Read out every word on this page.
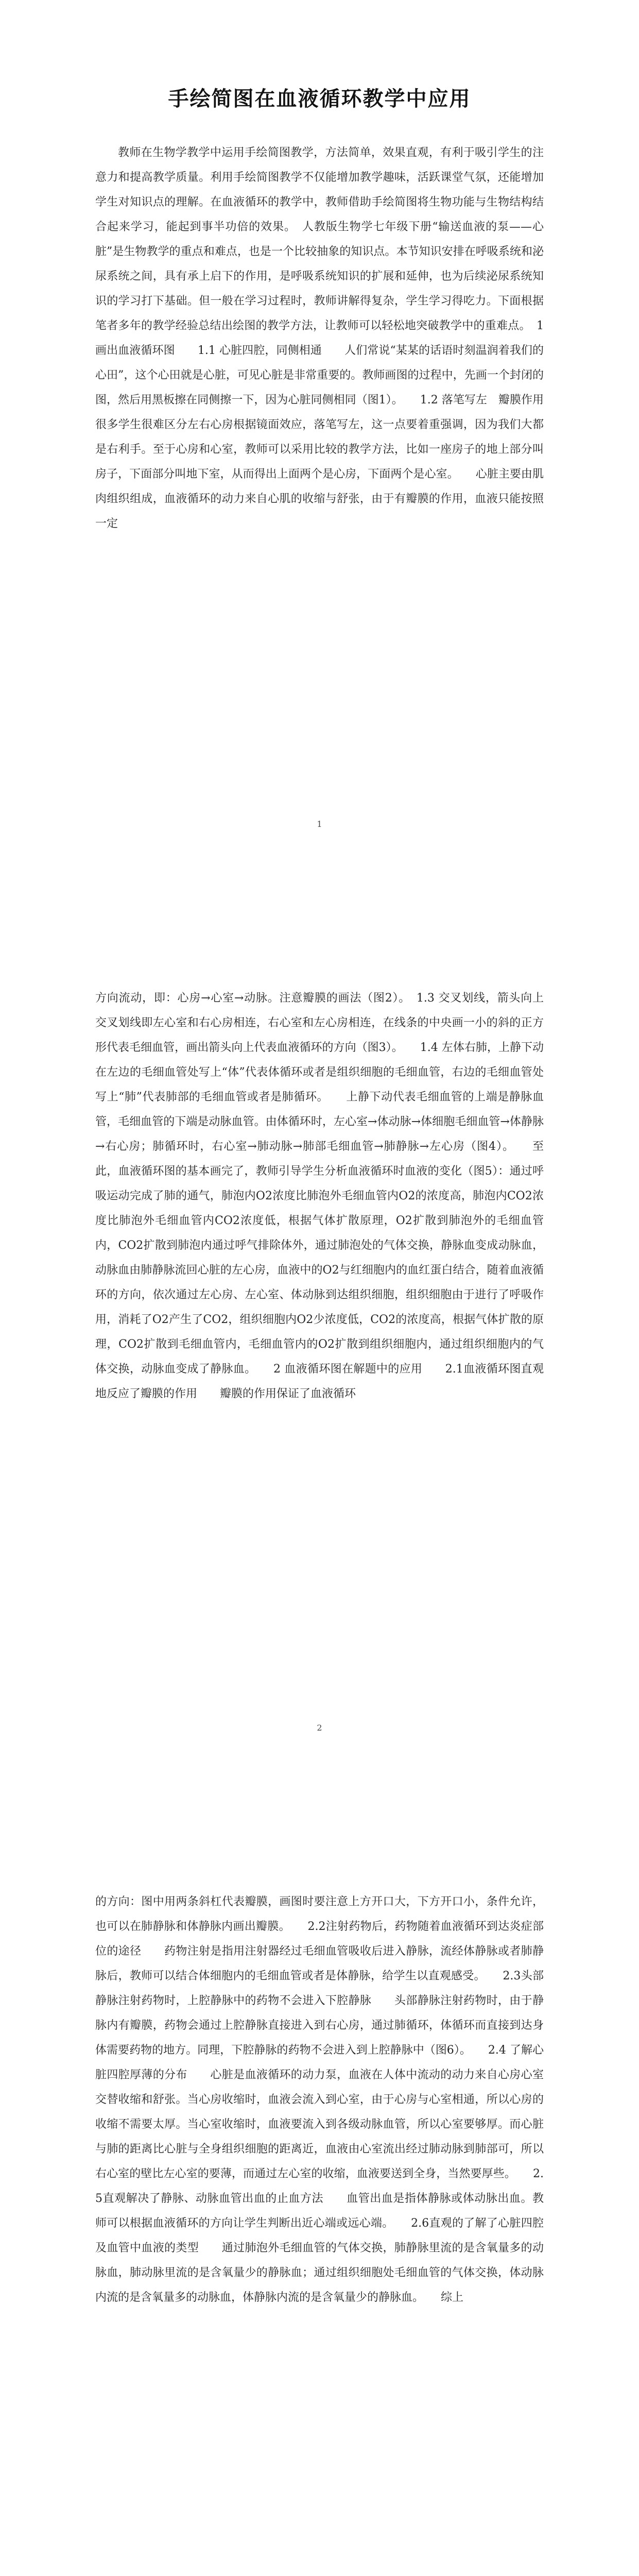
手绘简图在血液循环教学中应用

教师在生物学教学中运用手绘简图教学，方法简单，效果直观，有利于吸引学生的注意力和提高教学质量。利用手绘简图教学不仅能增加教学趣味，活跃课堂气氛，还能增加学生对知识点的理解。在血液循环的教学中，教师借助手绘简图将生物功能与生物结构结合起来学习，能起到事半功倍的效果。　人教版生物学七年级下册“输送血液的泵——心脏”是生物教学的重点和难点，也是一个比较抽象的知识点。本节知识安排在呼吸系统和泌尿系统之间，具有承上启下的作用，是呼吸系统知识的扩展和延伸，也为后续泌尿系统知识的学习打下基础。但一般在学习过程时，教师讲解得复杂，学生学习得吃力。下面根据笔者多年的教学经验总结出绘图的教学方法，让教师可以轻松地突破教学中的重难点。　1 画出血液循环图　　1.1 心脏四腔，同侧相通　　人们常说“某某的话语时刻温润着我们的心田”，这个心田就是心脏，可见心脏是非常重要的。教师画图的过程中，先画一个封闭的图，然后用黑板擦在同侧擦一下，因为心脏同侧相同（图1）。　　1.2 落笔写左　瓣膜作用　　很多学生很难区分左右心房根据镜面效应，落笔写左，这一点要着重强调，因为我们大都是右利手。至于心房和心室，教师可以采用比较的教学方法，比如一座房子的地上部分叫房子，下面部分叫地下室，从而得出上面两个是心房，下面两个是心室。　　心脏主要由肌肉组织组成，血液循环的动力来自心肌的收缩与舒张，由于有瓣膜的作用，血液只能按照一定

1

方向流动，即：心房→心室→动脉。注意瓣膜的画法（图2）。　1.3 交叉划线，箭头向上　交叉划线即左心室和右心房相连，右心室和左心房相连，在线条的中央画一小的斜的正方形代表毛细血管，画出箭头向上代表血液循环的方向（图3）。　　1.4 左体右肺，上静下动　　在左边的毛细血管处写上“体”代表体循环或者是组织细胞的毛细血管，右边的毛细血管处写上“肺”代表肺部的毛细血管或者是肺循环。　　上静下动代表毛细血管的上端是静脉血管，毛细血管的下端是动脉血管。由体循环时，左心室→体动脉→体细胞毛细血管→体静脉→右心房；肺循环时，右心室→肺动脉→肺部毛细血管→肺静脉→左心房（图4）。　　至此，血液循环图的基本画完了，教师引导学生分析血液循环时血液的变化（图5）：通过呼吸运动完成了肺的通气，肺泡内O2浓度比肺泡外毛细血管内O2的浓度高，肺泡内CO2浓度比肺泡外毛细血管内CO2浓度低，根据气体扩散原理，O2扩散到肺泡外的毛细血管内，CO2扩散到肺泡内通过呼气排除体外，通过肺泡处的气体交换，静脉血变成动脉血，动脉血由肺静脉流回心脏的左心房，血液中的O2与红细胞内的血红蛋白结合，随着血液循环的方向，依次通过左心房、左心室、体动脉到达组织细胞，组织细胞由于进行了呼吸作用，消耗了O2产生了CO2，组织细胞内O2少浓度低，CO2的浓度高，根据气体扩散的原理，CO2扩散到毛细血管内，毛细血管内的O2扩散到组织细胞内，通过组织细胞内的气体交换，动脉血变成了静脉血。　　2 血液循环图在解题中的应用　　2.1血液循环图直观地反应了瓣膜的作用　　瓣膜的作用保证了血液循环

2

的方向：图中用两条斜杠代表瓣膜，画图时要注意上方开口大，下方开口小，条件允许，也可以在肺静脉和体静脉内画出瓣膜。　　2.2注射药物后，药物随着血液循环到达炎症部位的途径　　药物注射是指用注射器经过毛细血管吸收后进入静脉，流经体静脉或者肺静脉后，教师可以结合体细胞内的毛细血管或者是体静脉，给学生以直观感受。　　2.3头部静脉注射药物时，上腔静脉中的药物不会进入下腔静脉　　头部静脉注射药物时，由于静脉内有瓣膜，药物会通过上腔静脉直接进入到右心房，通过肺循环，体循环而直接到达身体需要药物的地方。同理，下腔静脉的药物不会进入到上腔静脉中（图6）。　　2.4 了解心脏四腔厚薄的分布　　心脏是血液循环的动力泵，血液在人体中流动的动力来自心房心室交替收缩和舒张。当心房收缩时，血液会流入到心室，由于心房与心室相通，所以心房的收缩不需要太厚。当心室收缩时，血液要流入到各级动脉血管，所以心室要够厚。而心脏与肺的距离比心脏与全身组织细胞的距离近，血液由心室流出经过肺动脉到肺部可，所以右心室的壁比左心室的要薄，而通过左心室的收缩，血液要送到全身，当然要厚些。　　2.5直观解决了静脉、动脉血管出血的止血方法　　血管出血是指体静脉或体动脉出血。教师可以根据血液循环的方向让学生判断出近心端或远心端。　　2.6直观的了解了心脏四腔及血管中血液的类型　　通过肺泡外毛细血管的气体交换，肺静脉里流的是含氧量多的动脉血，肺动脉里流的是含氧量少的静脉血；通过组织细胞处毛细血管的气体交换，体动脉内流的是含氧量多的动脉血，体静脉内流的是含氧量少的静脉血。　　综上
